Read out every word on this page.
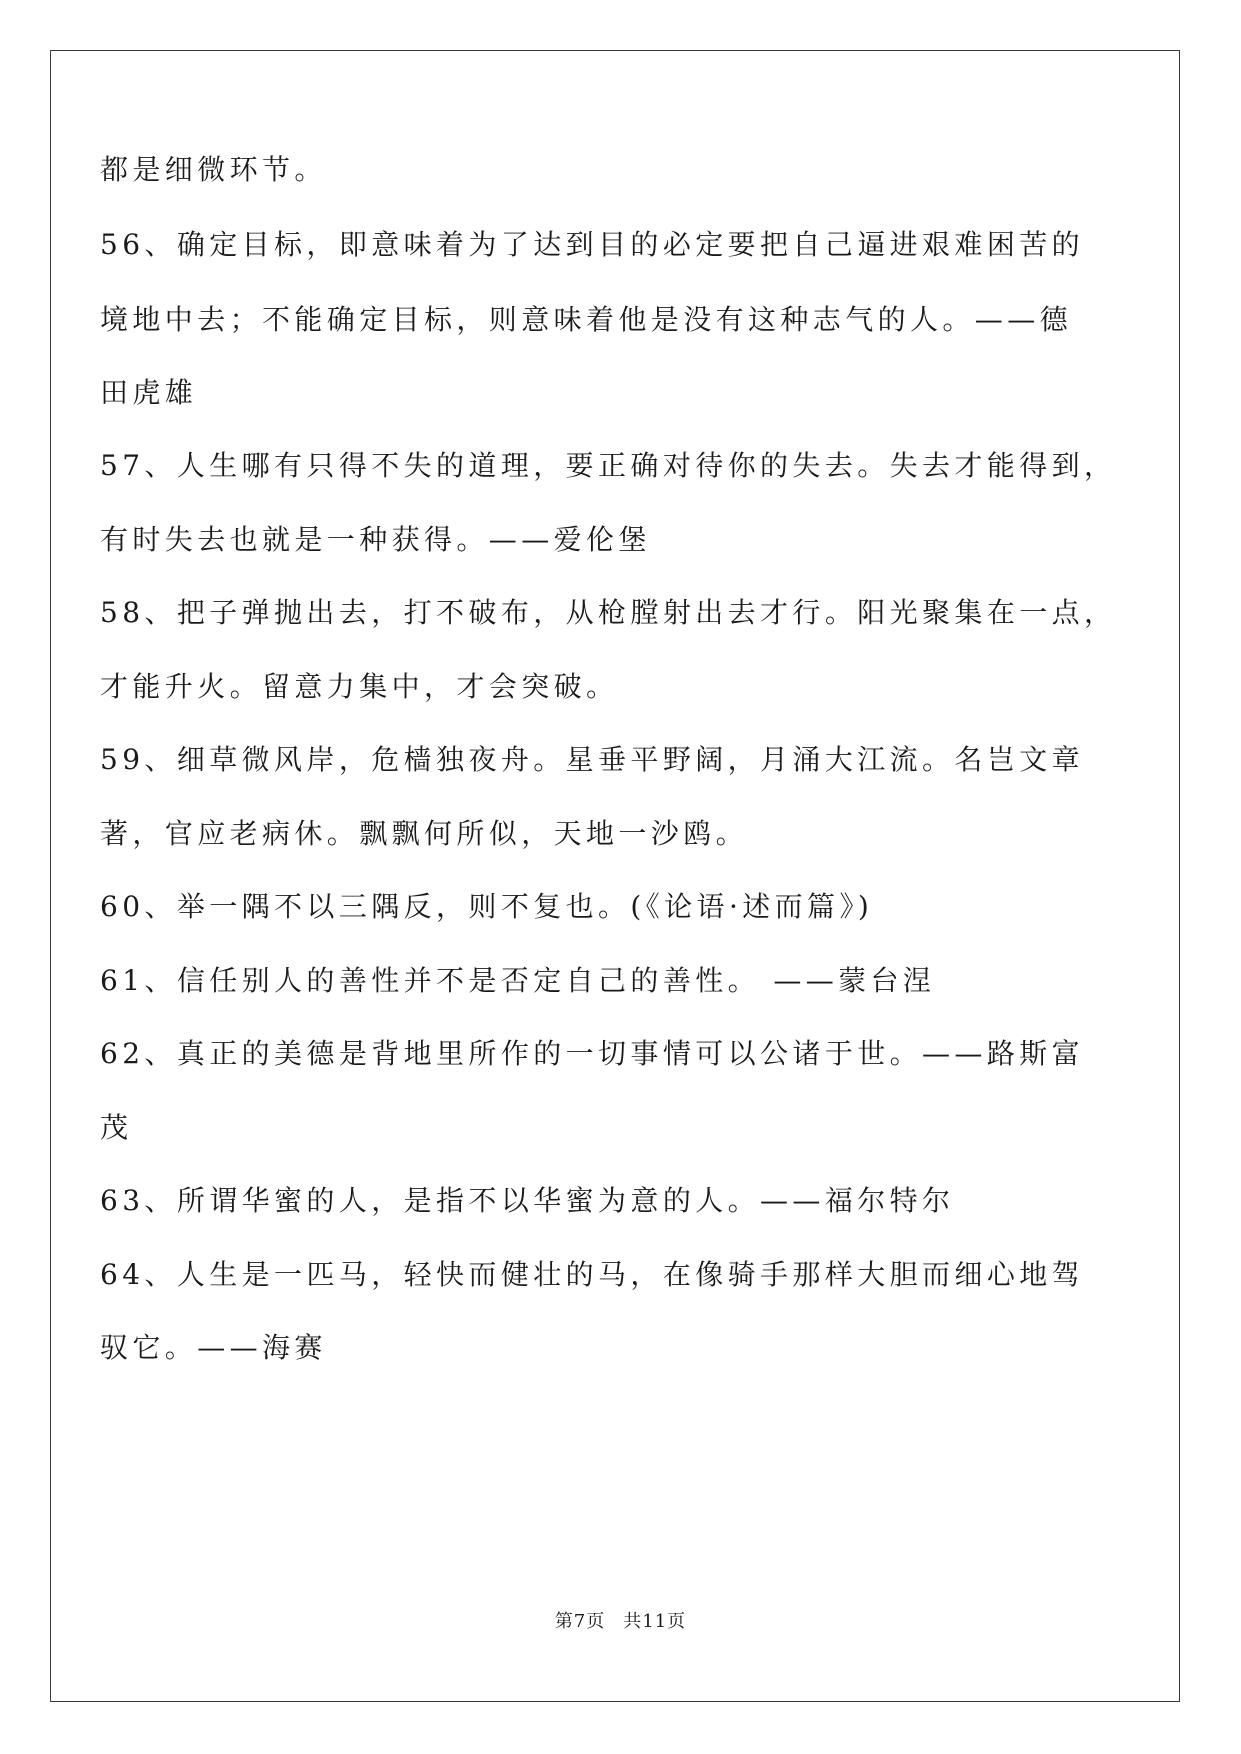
都是细微环节。
56、确定目标，即意味着为了达到目的必定要把自己逼进艰难困苦的
境地中去；不能确定目标，则意味着他是没有这种志气的人。——德
田虎雄
57、人生哪有只得不失的道理，要正确对待你的失去。失去才能得到，
有时失去也就是一种获得。——爱伦堡
58、把子弹抛出去，打不破布，从枪膛射出去才行。阳光聚集在一点，
才能升火。留意力集中，才会突破。
59、细草微风岸，危樯独夜舟。星垂平野阔，月涌大江流。名岂文章
著，官应老病休。飘飘何所似，天地一沙鸥。
60、举一隅不以三隅反，则不复也。(《论语·述而篇》)
61、信任别人的善性并不是否定自己的善性。 ——蒙台涅
62、真正的美德是背地里所作的一切事情可以公诸于世。——路斯富
茂
63、所谓华蜜的人，是指不以华蜜为意的人。——福尔特尔
64、人生是一匹马，轻快而健壮的马，在像骑手那样大胆而细心地驾
驭它。——海赛
第7页 共11页
